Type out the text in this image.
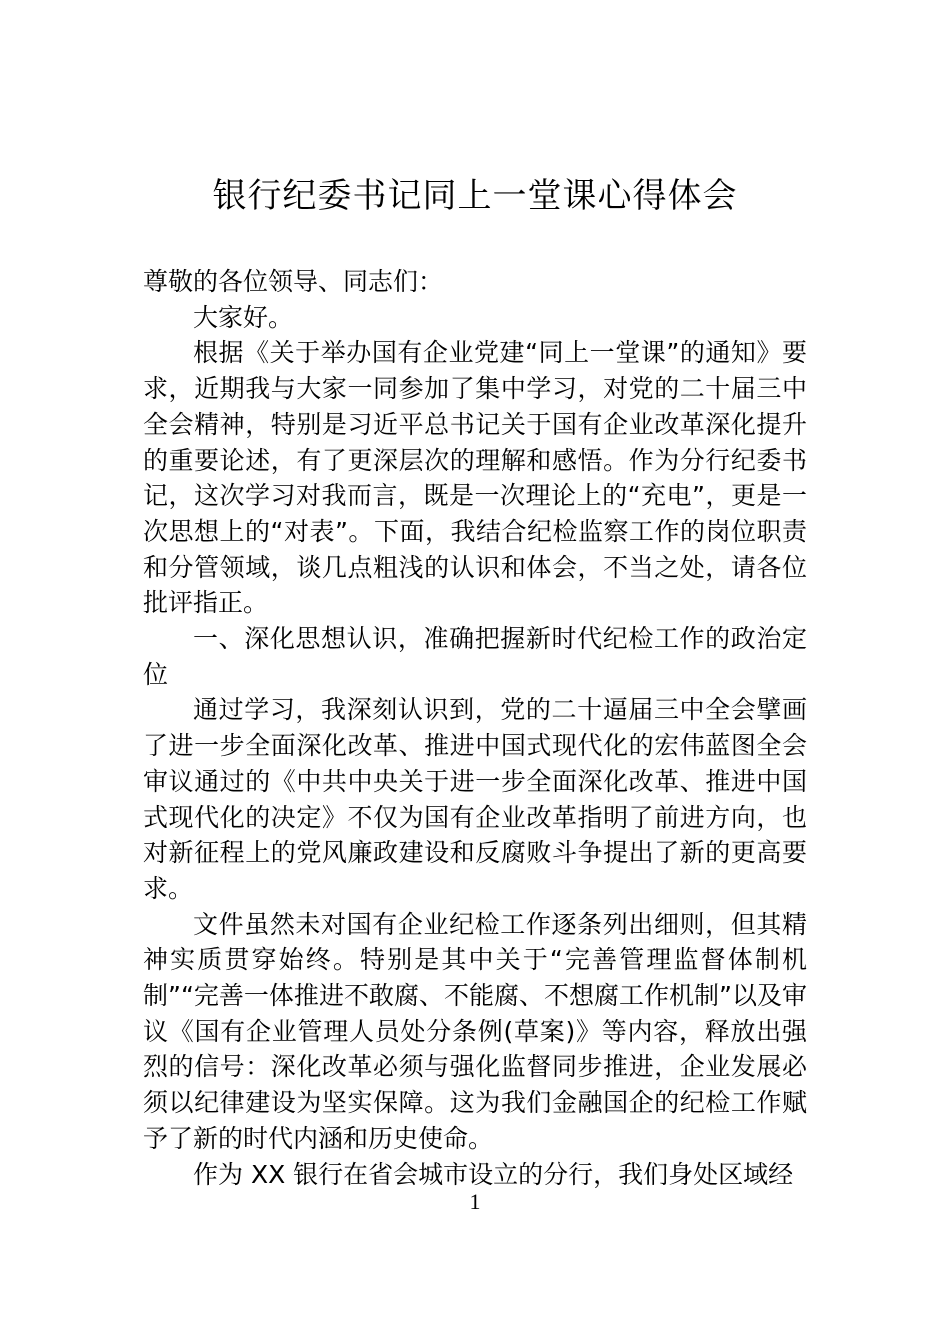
银行纪委书记同上一堂课心得体会

尊敬的各位领导、同志们：

大家好。

根据《关于举办国有企业党建“同上一堂课”的通知》要求，近期我与大家一同参加了集中学习，对党的二十届三中全会精神，特别是习近平总书记关于国有企业改革深化提升的重要论述，有了更深层次的理解和感悟。作为分行纪委书记，这次学习对我而言，既是一次理论上的“充电”，更是一次思想上的“对表”。下面，我结合纪检监察工作的岗位职责和分管领域，谈几点粗浅的认识和体会，不当之处，请各位批评指正。

一、深化思想认识，准确把握新时代纪检工作的政治定位

通过学习，我深刻认识到，党的二十逼届三中全会擘画了进一步全面深化改革、推进中国式现代化的宏伟蓝图全会审议通过的《中共中央关于进一步全面深化改革、推进中国式现代化的决定》不仅为国有企业改革指明了前进方向，也对新征程上的党风廉政建设和反腐败斗争提出了新的更高要求。

文件虽然未对国有企业纪检工作逐条列出细则，但其精神实质贯穿始终。特别是其中关于“完善管理监督体制机制”“完善一体推进不敢腐、不能腐、不想腐工作机制”以及审议《国有企业管理人员处分条例(草案)》等内容，释放出强烈的信号：深化改革必须与强化监督同步推进，企业发展必须以纪律建设为坚实保障。这为我们金融国企的纪检工作赋予了新的时代内涵和历史使命。

作为 XX 银行在省会城市设立的分行，我们身处区域经

1
